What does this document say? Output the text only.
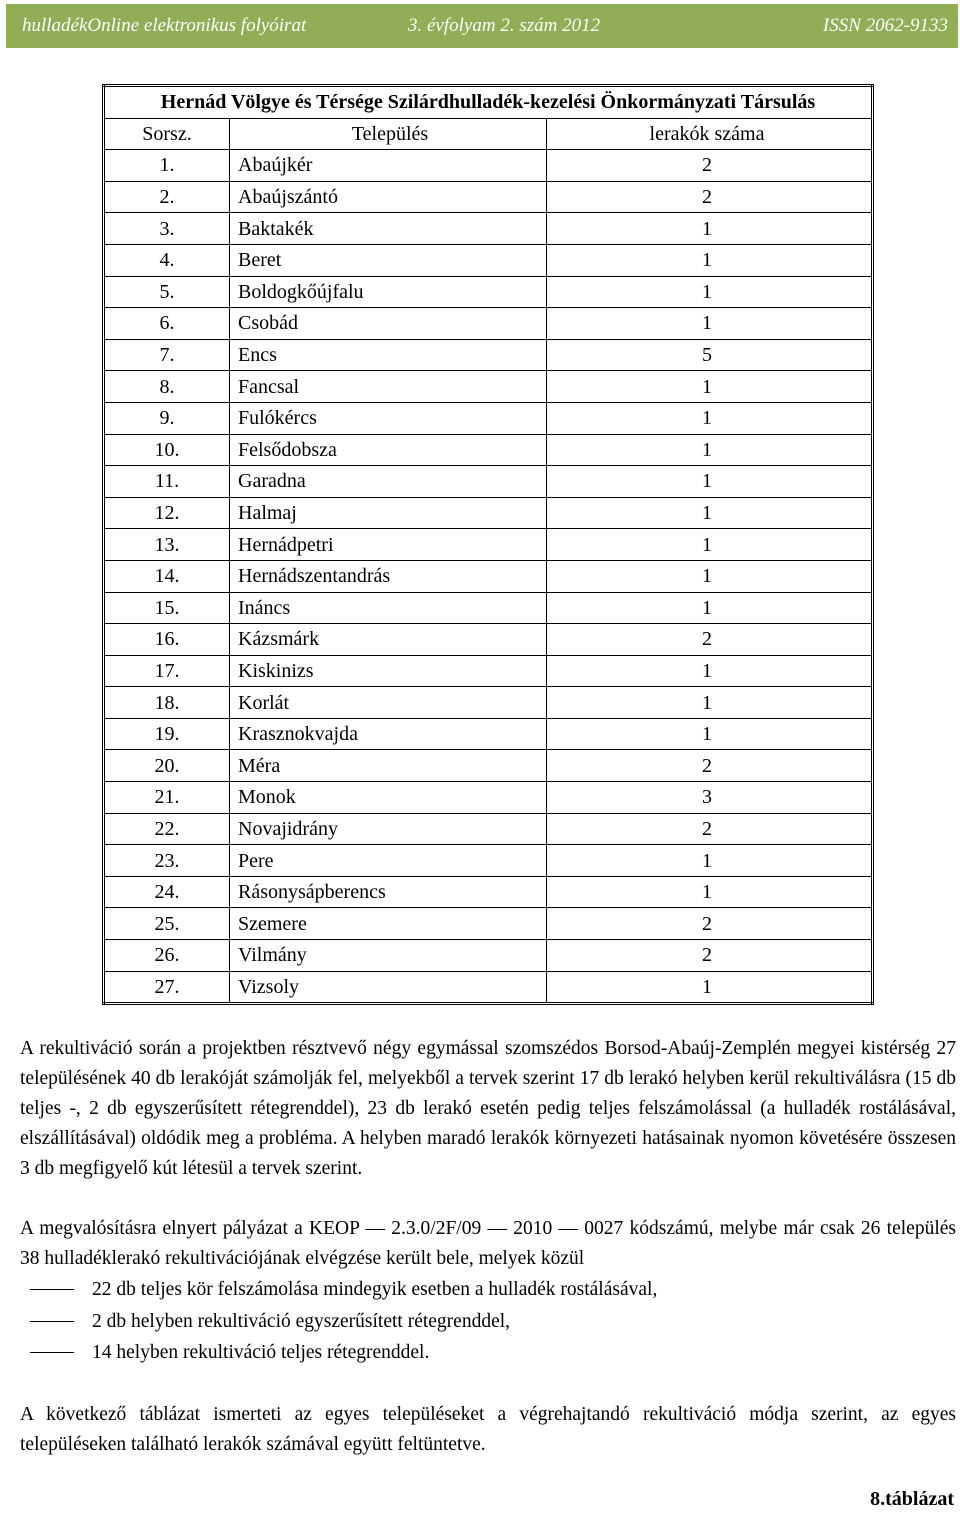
hulladékOnline elektronikus folyóirat	3. évfolyam 2. szám 2012	ISSN 2062-9133
Hernád Völgye és Térsége Szilárdhulladék-kezelési Önkormányzati Társulás		
Sorsz.	Település	lerakók száma
1.	Abaújkér	2
2.	Abaújszántó	2
3.	Baktakék	1
4.	Beret	1
5.	Boldogkőújfalu	1
6.	Csobád	1
7.	Encs	5
8.	Fancsal	1
9.	Fulókércs	1
10.	Felsődobsza	1
11.	Garadna	1
12.	Halmaj	1
13.	Hernádpetri	1
14.	Hernádszentandrás	1
15.	Ináncs	1
16.	Kázsmárk	2
17.	Kiskinizs	1
18.	Korlát	1
19.	Krasznokvajda	1
20.	Méra	2
21.	Monok	3
22.	Novajidrány	2
23.	Pere	1
24.	Rásonysápberencs	1
25.	Szemere	2
26.	Vilmány	2
27.	Vizsoly	1
A rekultiváció során a projektben résztvevő négy egymással szomszédos Borsod-Abaúj-Zemplén megyei kistérség 27 településének 40 db lerakóját számolják fel, melyekből a tervek szerint 17 db lerakó helyben kerül rekultiválásra (15 db teljes -, 2 db egyszerűsített rétegrenddel), 23 db lerakó esetén pedig teljes felszámolással (a hulladék rostálásával, elszállításával) oldódik meg a probléma. A helyben maradó lerakók környezeti hatásainak nyomon követésére összesen 3 db megfigyelő kút létesül a tervek szerint.
A megvalósításra elnyert pályázat a KEOP — 2.3.0/2F/09 — 2010 — 0027 kódszámú, melybe már csak 26 település 38 hulladéklerakó rekultivációjának elvégzése került bele, melyek közül
22 db teljes kör felszámolása mindegyik esetben a hulladék rostálásával,
2 db helyben rekultiváció egyszerűsített rétegrenddel,
14 helyben rekultiváció teljes rétegrenddel.
A következő táblázat ismerteti az egyes településeket a végrehajtandó rekultiváció módja szerint, az egyes településeken található lerakók számával együtt feltüntetve.
8.táblázat
